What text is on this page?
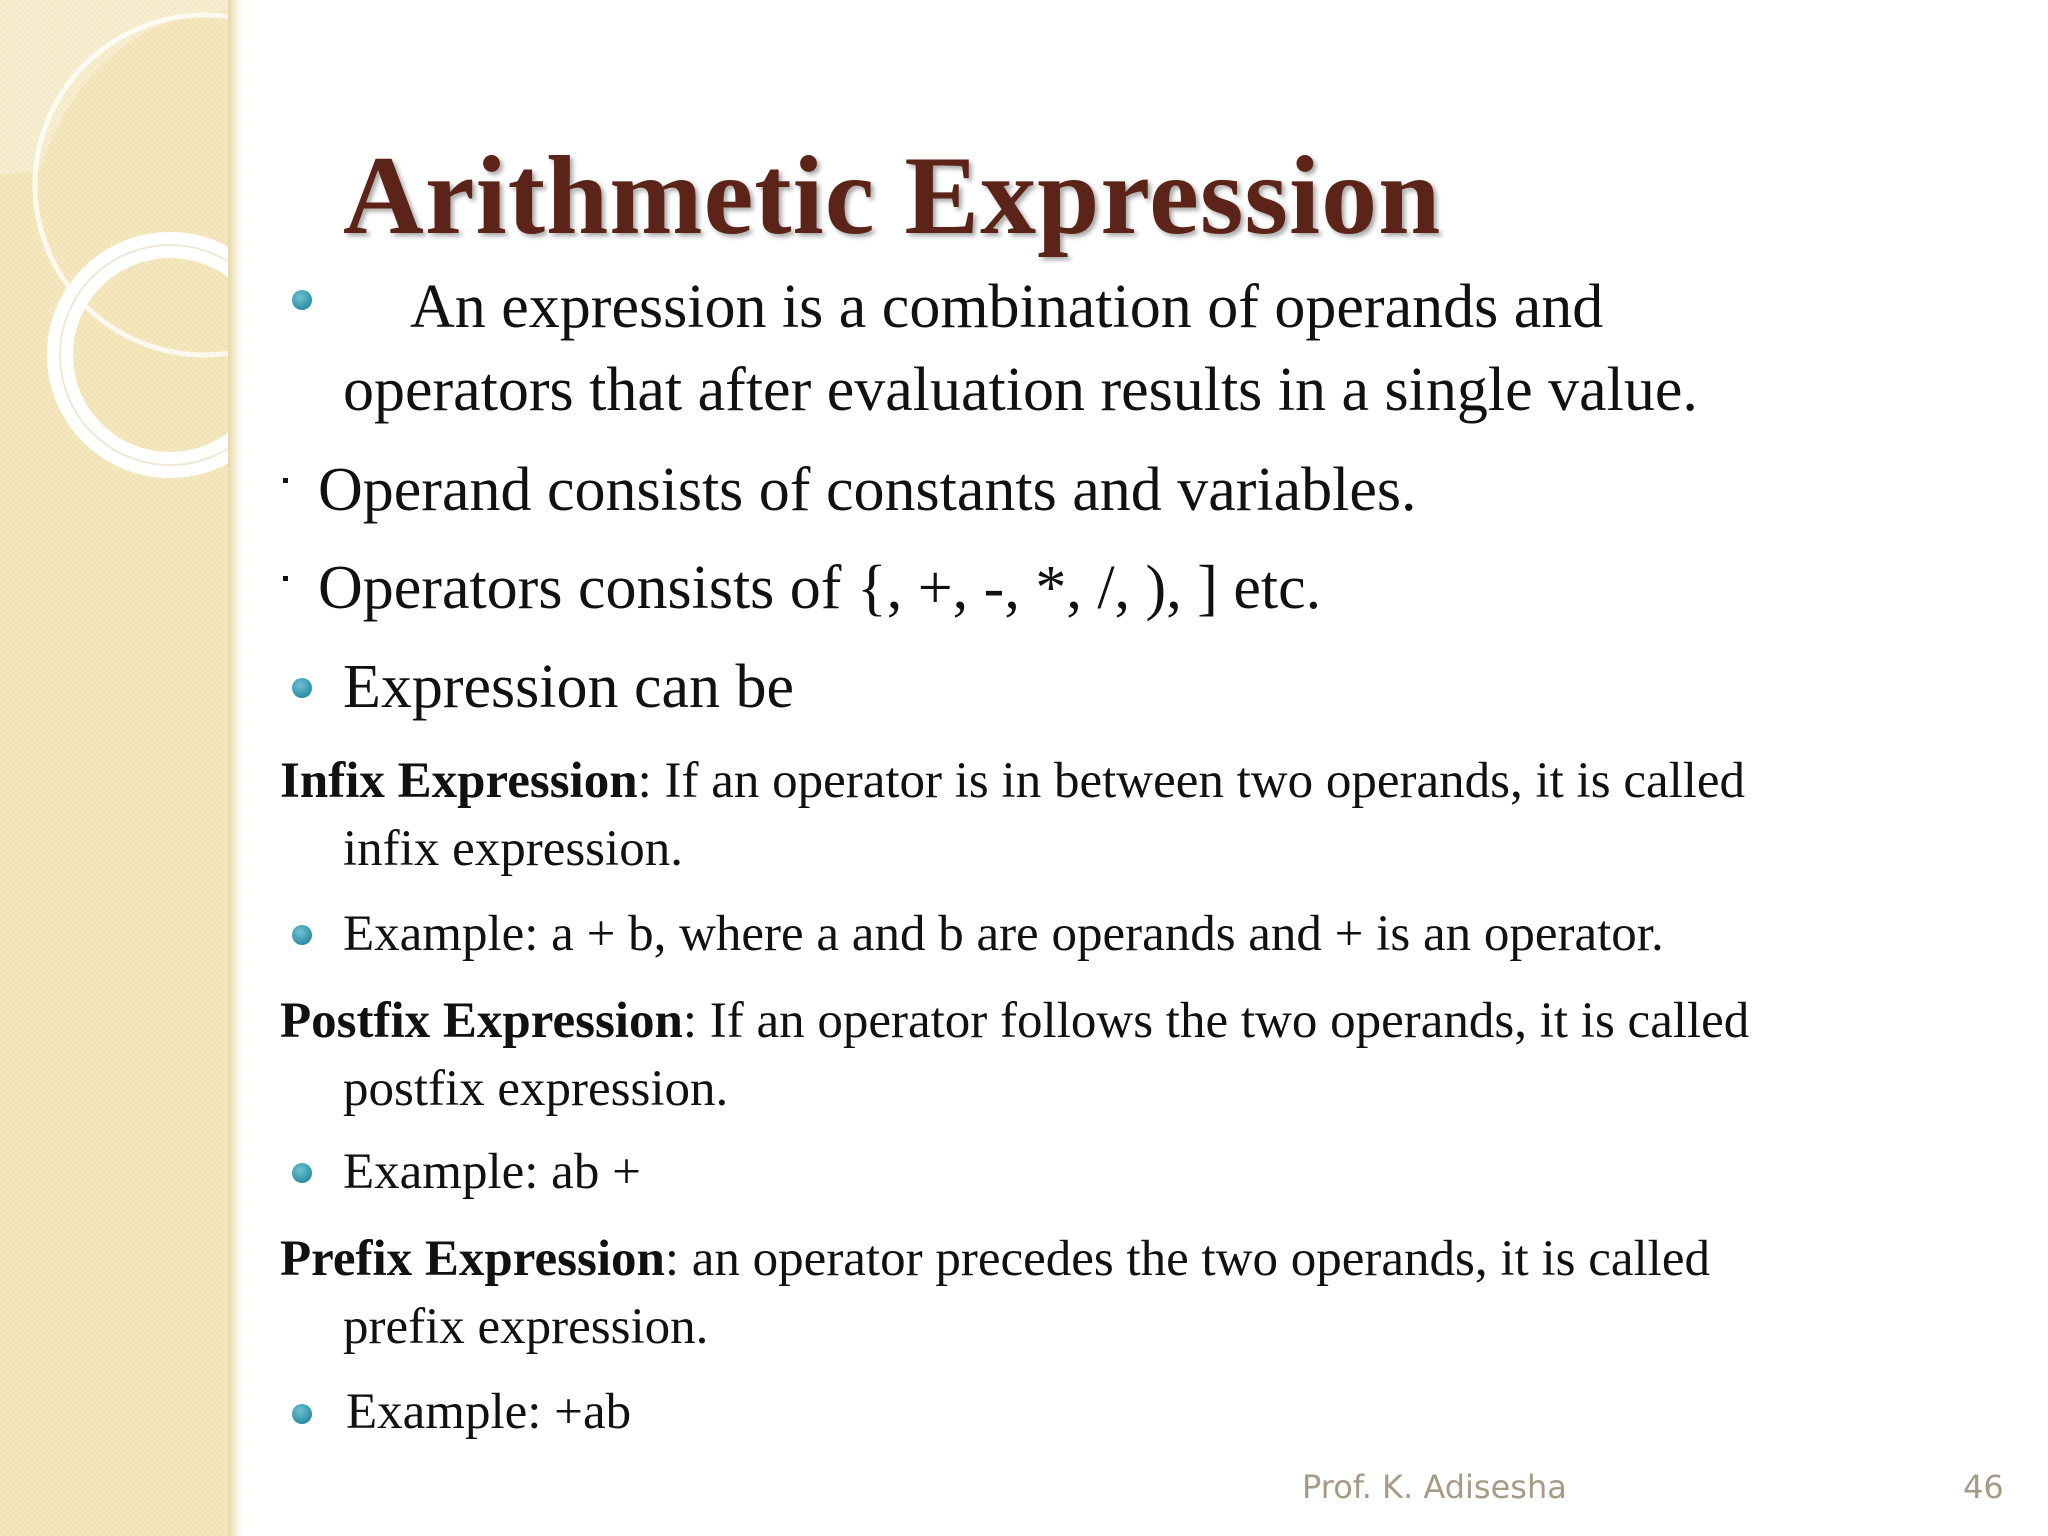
Arithmetic Expression
An expression is a combination of operands and
operators that after evaluation results in a single value.
Operand consists of constants and variables.
Operators consists of {, +, -, *, /, ), ] etc.
Expression can be
Infix Expression: If an operator is in between two operands, it is called
infix expression.
Example: a + b, where a and b are operands and + is an operator.
Postfix Expression: If an operator follows the two operands, it is called
postfix expression.
Example: ab +
Prefix Expression: an operator precedes the two operands, it is called
prefix expression.
Example: +ab
Prof. K. Adisesha	46
